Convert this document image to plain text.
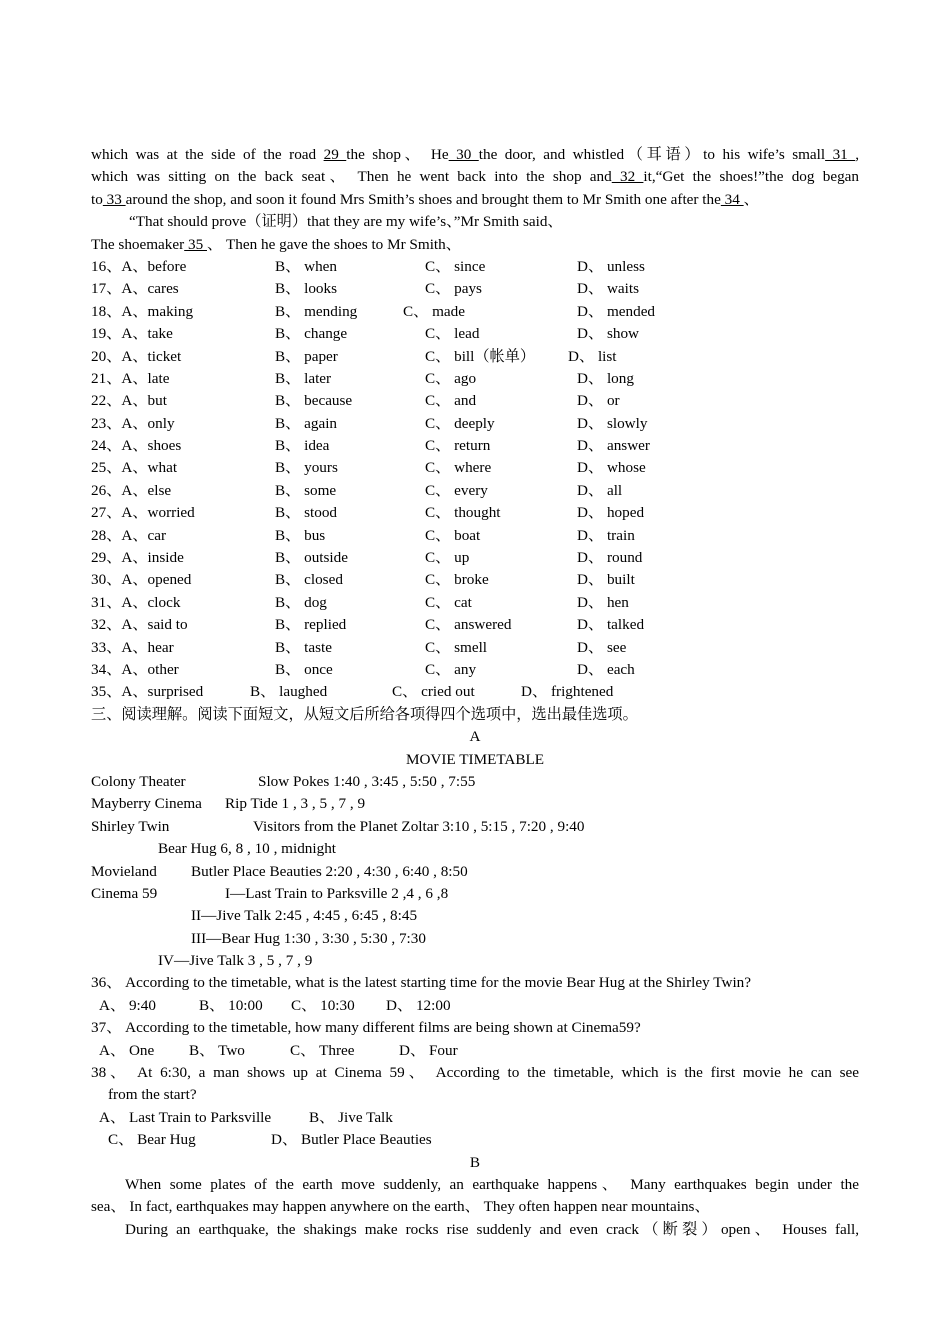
which was at the side of the road 29 the shop、 He 30 the door, and whistled（耳语）to his wife’s small 31 ,
which was sitting on the back seat、 Then he went back into the shop and 32 it,“Get the shoes!”the dog began
to 33 around the shop, and soon it found Mrs Smith’s shoes and brought them to Mr Smith one after the 34 、
“That should prove（证明）that they are my wife’s、”Mr Smith said、
The shoemaker 35 、 Then he gave the shoes to Mr Smith、
16、A、before	B、 when	C、 since	D、 unless
17、A、cares	B、 looks	C、 pays	D、 waits
18、A、making	B、 mending	C、 made	D、 mended
19、A、take	B、 change	C、 lead	D、 show
20、A、ticket	B、 paper	C、 bill（帐单） D、 list
21、A、late	B、 later	C、 ago	D、 long
22、A、but	B、 because	C、 and	D、 or
23、A、only	B、 again	C、 deeply	D、 slowly
24、A、shoes	B、 idea	C、 return	D、 answer
25、A、what	B、 yours	C、 where	D、 whose
26、A、else	B、 some	C、 every	D、 all
27、A、worried	B、 stood	C、 thought	D、 hoped
28、A、car	B、 bus	C、 boat	D、 train
29、A、inside	B、 outside	C、 up	D、 round
30、A、opened	B、 closed	C、 broke	D、 built
31、A、clock	B、 dog	C、 cat	D、 hen
32、A、said to	B、 replied	C、 answered	D、 talked
33、A、hear	B、 taste	C、 smell	D、 see
34、A、other	B、 once	C、 any	D、 each
35、A、surprised	B、 laughed	C、 cried out	D、 frightened
三、阅读理解。阅读下面短文，从短文后所给各项得四个选项中，选出最佳选项。
A
MOVIE TIMETABLE
Colony Theater	Slow Pokes 1:40 , 3:45 , 5:50 , 7:55
Mayberry Cinema Rip Tide 1 , 3 , 5 , 7 , 9
Shirley Twin	Visitors from the Planet Zoltar 3:10 , 5:15 , 7:20 , 9:40
Bear Hug 6, 8 , 10 , midnight
Movieland Butler Place Beauties 2:20 , 4:30 , 6:40 , 8:50
Cinema 59	I—Last Train to Parksville 2 ,4 , 6 ,8
II—Jive Talk 2:45 , 4:45 , 6:45 , 8:45
III—Bear Hug 1:30 , 3:30 , 5:30 , 7:30
IV—Jive Talk 3 , 5 , 7 , 9
36、 According to the timetable, what is the latest starting time for the movie Bear Hug at the Shirley Twin?
A、 9:40	B、 10:00 C、 10:30 D、 12:00
37、 According to the timetable, how many different films are being shown at Cinema59?
A、 One B、 Two	C、 Three	D、 Four
38、 At 6:30, a man shows up at Cinema 59、 According to the timetable, which is the first movie he can see
from the start?
A、 Last Train to Parksville B、 Jive Talk
C、 Bear Hug	D、 Butler Place Beauties
B
When some plates of the earth move suddenly, an earthquake happens、 Many earthquakes begin under the
sea、 In fact, earthquakes may happen anywhere on the earth、 They often happen near mountains、
During an earthquake, the shakings make rocks rise suddenly and even crack（断裂）open、 Houses fall,
